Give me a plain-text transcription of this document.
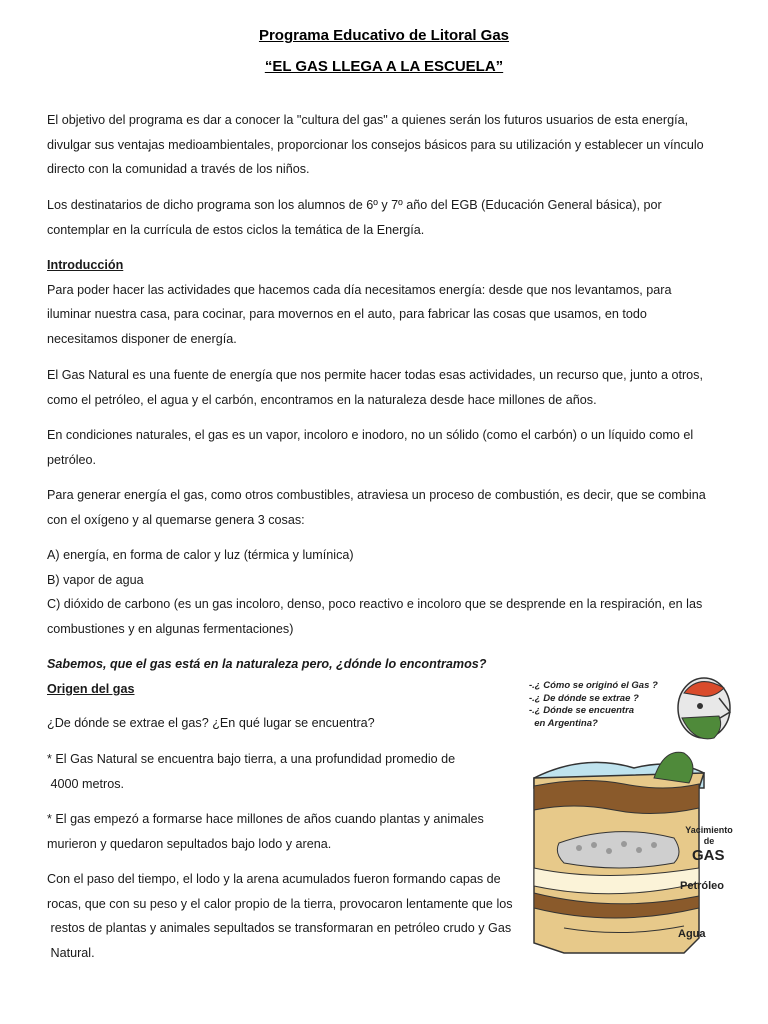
Programa Educativo de Litoral Gas
“EL GAS LLEGA A LA ESCUELA”
El objetivo del programa es dar a conocer la "cultura del gas" a quienes serán los futuros usuarios de esta energía,
divulgar sus ventajas medioambientales, proporcionar los consejos básicos para su utilización y establecer un vínculo
directo con la comunidad a través de los niños.
Los destinatarios de dicho programa son los alumnos de 6º y 7º año del EGB (Educación General básica), por
contemplar en la currícula de estos ciclos la temática de la Energía.
Introducción
Para poder hacer las actividades que hacemos cada día necesitamos energía: desde que nos levantamos, para
iluminar nuestra casa, para cocinar, para movernos en el auto, para fabricar las cosas que usamos, en todo
necesitamos disponer de energía.
El Gas Natural es una fuente de energía que nos permite hacer todas esas actividades, un recurso que, junto a otros,
como el petróleo, el agua y el carbón, encontramos en la naturaleza desde hace millones de años.
En condiciones naturales, el gas es un vapor, incoloro e inodoro, no un sólido (como el carbón) o un líquido como el
petróleo.
Para generar energía el gas, como otros combustibles, atraviesa un proceso de combustión, es decir, que se combina
con el oxígeno y al quemarse genera 3 cosas:
A) energía, en forma de calor y luz (térmica y lumínica)
B) vapor de agua
C) dióxido de carbono (es un gas incoloro, denso, poco reactivo e incoloro que se desprende en la respiración, en las
combustiones y en algunas fermentaciones)
Sabemos, que el gas está en la naturaleza pero, ¿dónde lo encontramos?
Origen del gas
¿De dónde se extrae el gas? ¿En qué lugar se encuentra?
* El Gas Natural se encuentra bajo tierra, a una profundidad promedio de
4000 metros.
* El gas empezó a formarse hace millones de años cuando plantas y animales
murieron y quedaron sepultados bajo lodo y arena.
Con el paso del tiempo, el lodo y la arena acumulados fueron formando capas de
rocas, que con su peso y el calor propio de la tierra, provocaron lentamente que los
restos de plantas y animales sepultados se transformaran en petróleo crudo y Gas
Natural.
-.¿ Cómo se originó el Gas ?
-.¿ De dónde se extrae ?
-.¿ Dónde se encuentra
en Argentina?
Yacimiento
de
GAS
Petróleo
Agua
